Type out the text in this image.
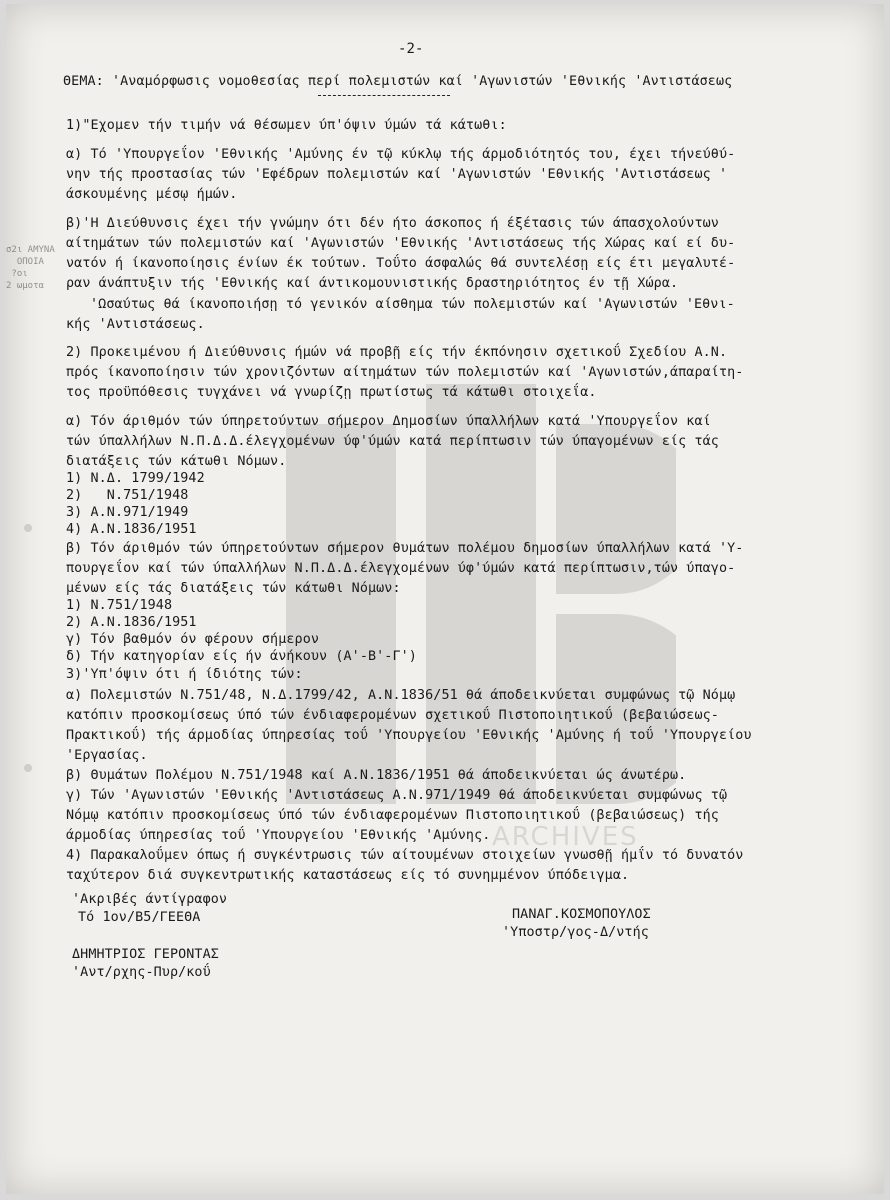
ARCHIVES
σ2ι ΑΜΥΝΑ
ΟΠΟΙΑ
?οι
2 ωμοτα
-2-
ΘΕΜΑ: 'Αναμόρφωσις νομοθεσίας περί πολεμιστών καί 'Αγωνιστών 'Εθνικής 'Αντιστάσεως
1)"Εχομεν τήν τιμήν νά θέσωμεν ύπ'όψιν ύμών τά κάτωθι:
α) Τό 'Υπουργεΐον 'Εθνικής 'Αμύνης έν τῷ κύκλῳ τής άρμοδιότητός του, έχει τήνεύθύ-
νην τής προστασίας τών 'Εφέδρων πολεμιστών καί 'Αγωνιστών 'Εθνικής 'Αντιστάσεως '
άσκουμένης μέσῳ ήμών.
β)'Η Διεύθυνσις έχει τήν γνώμην ότι δέν ήτο άσκοπος ή έξέτασις τών άπασχολούντων
αίτημάτων τών πολεμιστών καί 'Αγωνιστών 'Εθνικής 'Αντιστάσεως τής Χώρας καί εί δυ-
νατόν ή ίκανοποίησις ένίων έκ τούτων. Τοΰτο άσφαλώς θά συντελέσῃ είς έτι μεγαλυτέ-
ραν άνάπτυξιν τής 'Εθνικής καί άντικομουνιστικής δραστηριότητος έν τῇ Χώρα.
'Ωσαύτως θά ίκανοποιήσῃ τό γενικόν αίσθημα τών πολεμιστών καί 'Αγωνιστών 'Εθνι-
κής 'Αντιστάσεως.
2) Προκειμένου ή Διεύθυνσις ήμών νά προβῇ είς τήν έκπόνησιν σχετικοΰ Σχεδίου Α.Ν.
πρός ίκανοποίησιν τών χρονιζόντων αίτημάτων τών πολεμιστών καί 'Αγωνιστών,άπαραίτη-
τος προϋπόθεσις τυγχάνει νά γνωρίζῃ πρωτίστως τά κάτωθι στοιχεΐα.
α) Τόν άριθμόν τών ύπηρετούντων σήμερον Δημοσίων ύπαλλήλων κατά 'Υπουργεΐον καί
τών ύπαλλήλων Ν.Π.Δ.Δ.έλεγχομένων ύφ'ύμών κατά περίπτωσιν τών ύπαγομένων είς τάς
διατάξεις τών κάτωθι Νόμων.
1) Ν.Δ. 1799/1942
2)   Ν.751/1948
3) Α.Ν.971/1949
4) Α.Ν.1836/1951
β) Τόν άριθμόν τών ύπηρετούντων σήμερον θυμάτων πολέμου δημοσίων ύπαλλήλων κατά 'Υ-
πουργεΐον καί τών ύπαλλήλων Ν.Π.Δ.Δ.έλεγχομένων ύφ'ύμών κατά περίπτωσιν,τών ύπαγο-
μένων είς τάς διατάξεις τών κάτωθι Νόμων:
1) Ν.751/1948
2) Α.Ν.1836/1951
γ) Τόν βαθμόν όν φέρουν σήμερον
δ) Τήν κατηγορίαν είς ήν άνήκουν (Α'-Β'-Γ')
3)'Υπ'όψιν ότι ή ίδιότης τών:
α) Πολεμιστών Ν.751/48, Ν.Δ.1799/42, Α.Ν.1836/51 θά άποδεικνύεται συμφώνως τῷ Νόμῳ
κατόπιν προσκομίσεως ύπό τών ένδιαφερομένων σχετικοΰ Πιστοποιητικοΰ (βεβαιώσεως-
Πρακτικοΰ) τής άρμοδίας ύπηρεσίας τοΰ 'Υπουργείου 'Εθνικής 'Αμύνης ή τοΰ 'Υπουργείου
'Εργασίας.
β) Θυμάτων Πολέμου Ν.751/1948 καί Α.Ν.1836/1951 θά άποδεικνύεται ώς άνωτέρω.
γ) Τών 'Αγωνιστών 'Εθνικής 'Αντιστάσεως Α.Ν.971/1949 θά άποδεικνύεται συμφώνως τῷ
Νόμῳ κατόπιν προσκομίσεως ύπό τών ένδιαφερομένων Πιστοποιητικοΰ (βεβαιώσεως) τής
άρμοδίας ύπηρεσίας τοΰ 'Υπουργείου 'Εθνικής 'Αμύνης.
4) Παρακαλοΰμεν όπως ή συγκέντρωσις τών αίτουμένων στοιχείων γνωσθῇ ήμΐν τό δυνατόν
ταχύτερον διά συγκεντρωτικής καταστάσεως είς τό συνημμένον ύπόδειγμα.
'Ακριβές άντίγραφον
Τό 1ον/Β5/ΓΕΕΘΑ	ΠΑΝΑΓ.ΚΟΣΜΟΠΟΥΛΟΣ
'Υποστρ/γος-Δ/ντής
ΔΗΜΗΤΡΙΟΣ ΓΕΡΟΝΤΑΣ
'Αντ/ρχης-Πυρ/κοΰ
